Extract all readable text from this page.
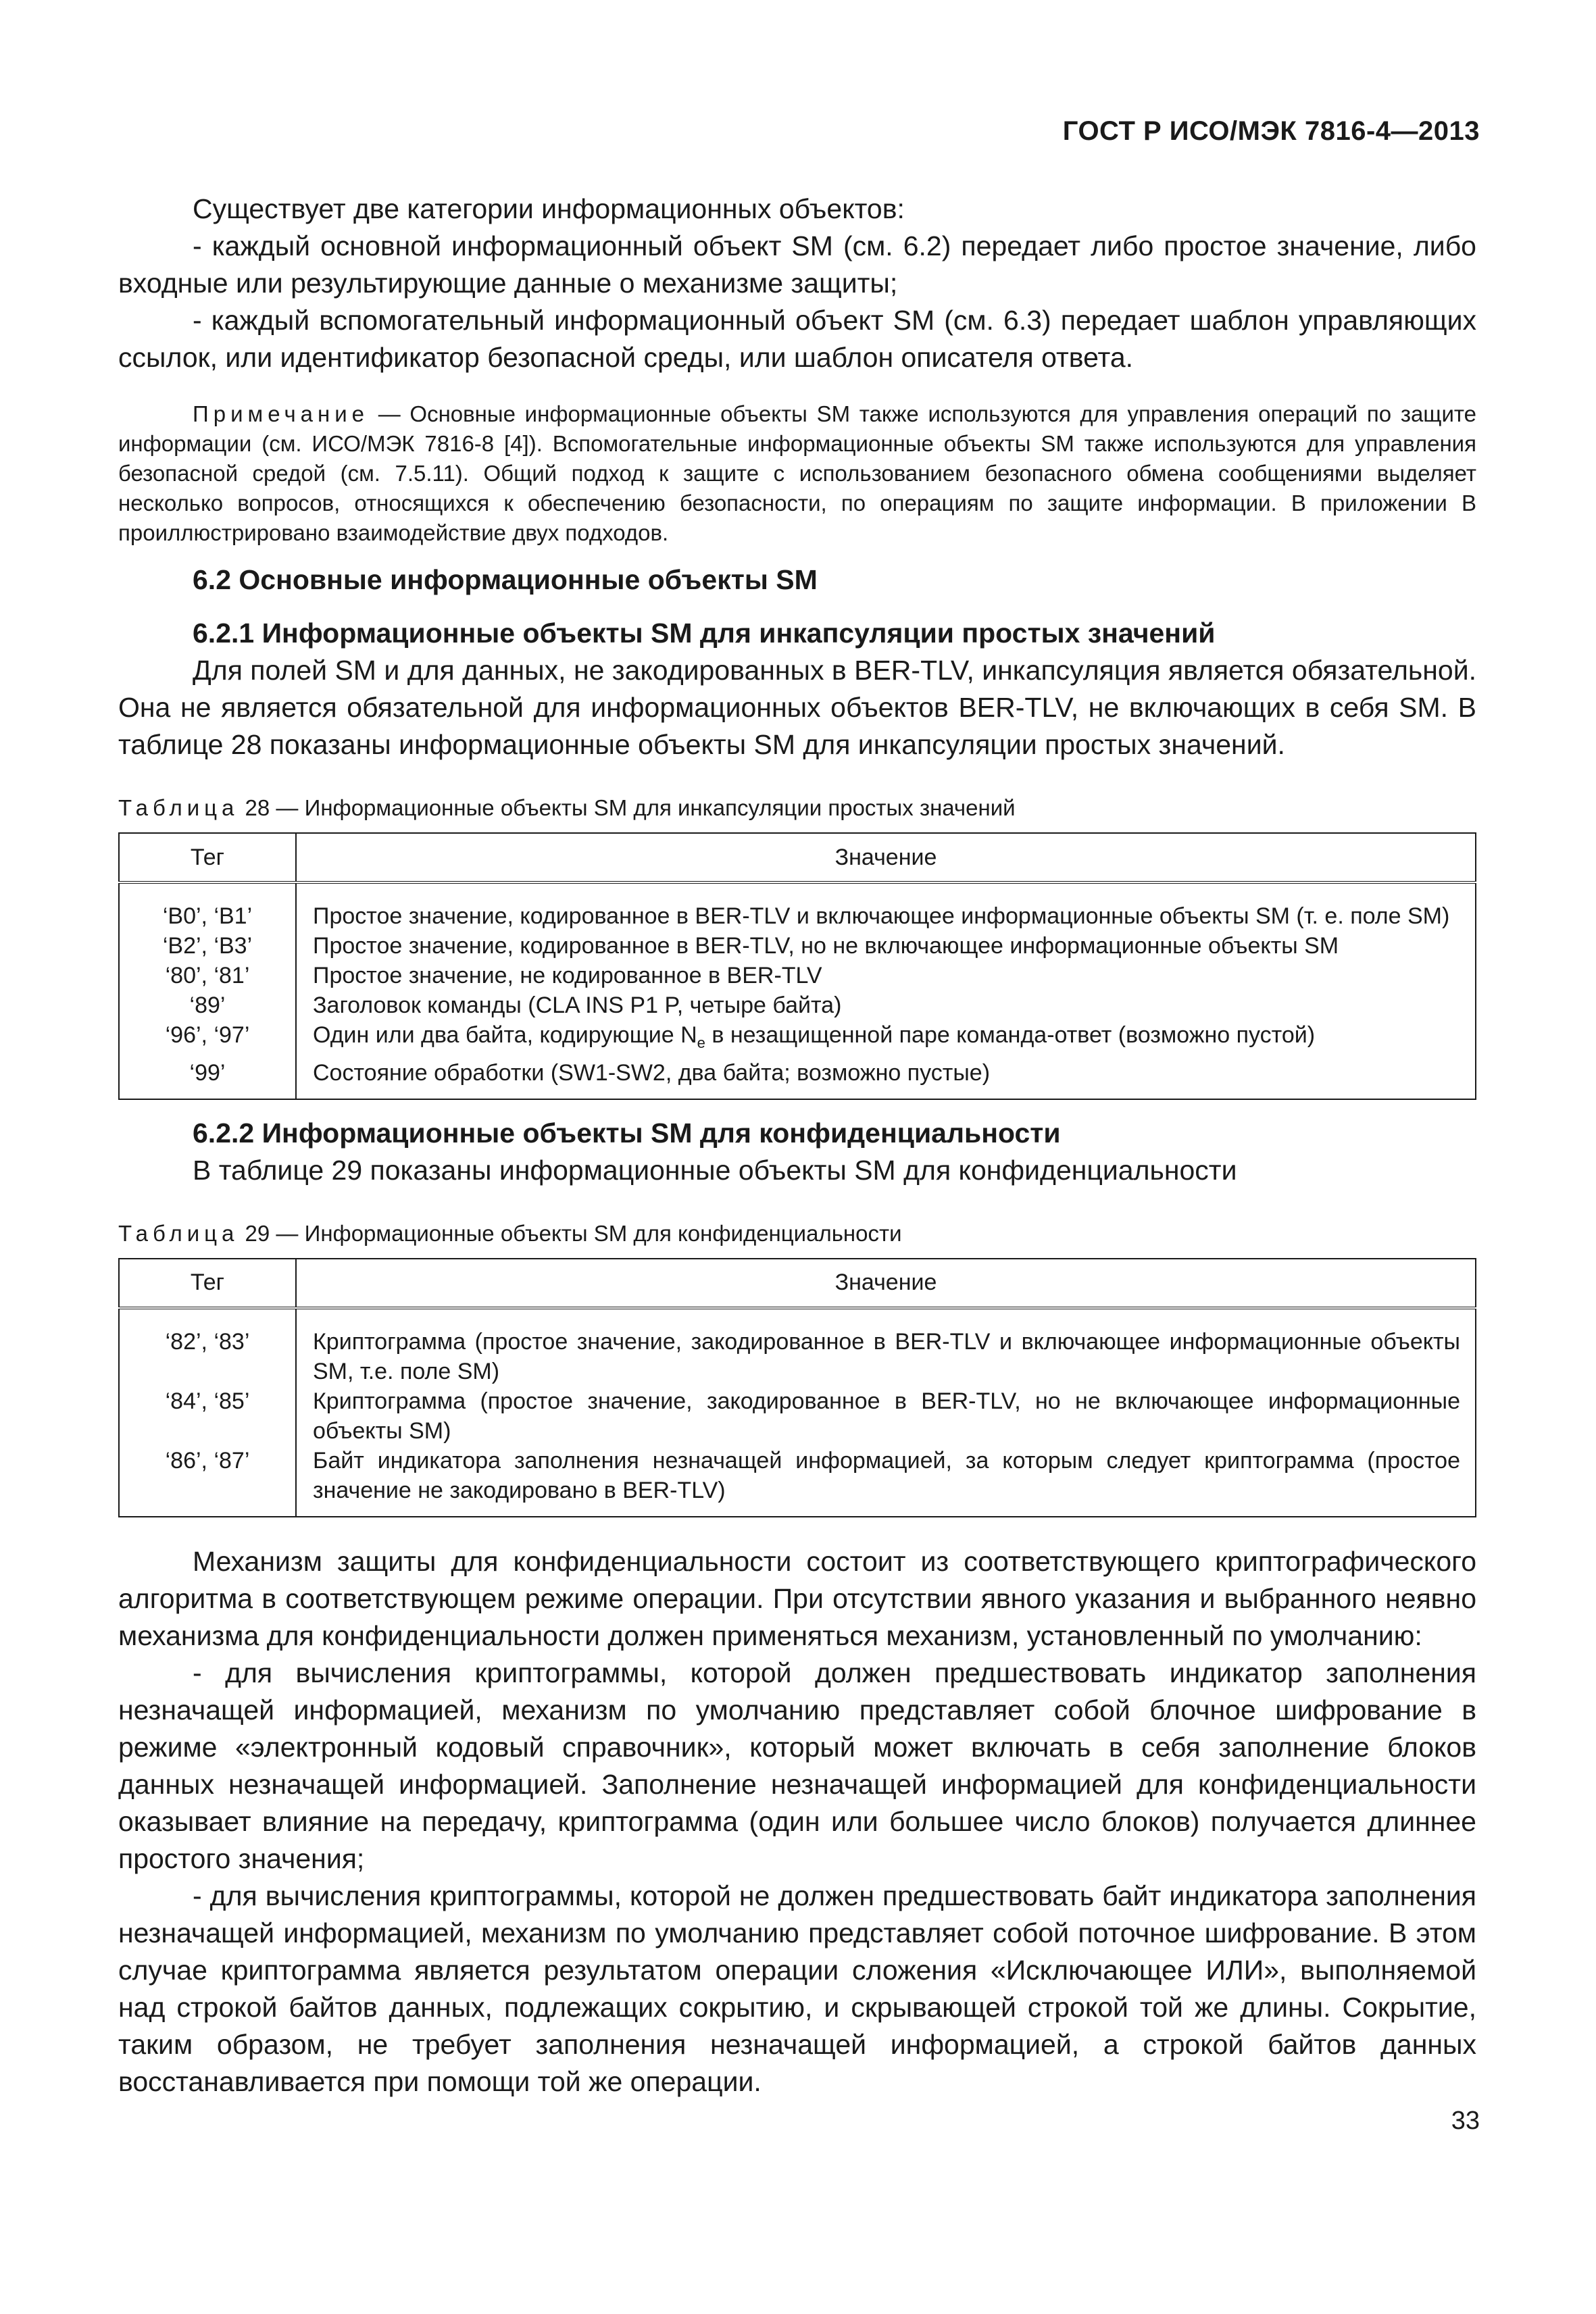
ГОСТ Р ИСО/МЭК 7816-4—2013

Существует две категории информационных объектов:

- каждый основной информационный объект SM (см. 6.2) передает либо простое значение, либо входные или результирующие данные о механизме защиты;

- каждый вспомогательный информационный объект SM (см. 6.3) передает шаблон управляющих ссылок, или идентификатор безопасной среды, или шаблон описателя ответа.

Примечание — Основные информационные объекты SM также используются для управления операций по защите информации (см. ИСО/МЭК 7816-8 [4]). Вспомогательные информационные объекты SM также используются для управления безопасной средой (см. 7.5.11). Общий подход к защите с использованием безопасного обмена сообщениями выделяет несколько вопросов, относящихся к обеспечению безопасности, по операциям по защите информации. В приложении В проиллюстрировано взаимодействие двух подходов.

6.2 Основные информационные объекты SM

6.2.1 Информационные объекты SM для инкапсуляции простых значений

Для полей SM и для данных, не закодированных в BER-TLV, инкапсуляция является обязательной. Она не является обязательной для информационных объектов BER-TLV, не включающих в себя SM. В таблице 28 показаны информационные объекты SM для инкапсуляции простых значений.

Таблица 28 — Информационные объекты SM для инкапсуляции простых значений

Тег	Значение
‘B0’, ‘B1’	Простое значение, кодированное в BER-TLV и включающее информационные объекты SM (т. е. поле SM)
‘B2’, ‘B3’	Простое значение, кодированное в BER-TLV, но не включающее информационные объекты SM
‘80’, ‘81’	Простое значение, не кодированное в BER-TLV
‘89’	Заголовок команды (CLA INS P1 P, четыре байта)
‘96’, ‘97’	Один или два байта, кодирующие $N_e$ в незащищенной паре команда-ответ (возможно пустой)
‘99’	Состояние обработки (SW1-SW2, два байта; возможно пустые)

6.2.2 Информационные объекты SM для конфиденциальности

В таблице 29 показаны информационные объекты SM для конфиденциальности

Таблица 29 — Информационные объекты SM для конфиденциальности

Тег	Значение
‘82’, ‘83’	Криптограмма (простое значение, закодированное в BER-TLV и включающее информационные объекты SM, т.е. поле SM)
‘84’, ‘85’	Криптограмма (простое значение, закодированное в BER-TLV, но не включающее информационные объекты SM)
‘86’, ‘87’	Байт индикатора заполнения незначащей информацией, за которым следует криптограмма (простое значение не закодировано в BER-TLV)

Механизм защиты для конфиденциальности состоит из соответствующего криптографического алгоритма в соответствующем режиме операции. При отсутствии явного указания и выбранного неявно механизма для конфиденциальности должен применяться механизм, установленный по умолчанию:

- для вычисления криптограммы, которой должен предшествовать индикатор заполнения незначащей информацией, механизм по умолчанию представляет собой блочное шифрование в режиме «электронный кодовый справочник», который может включать в себя заполнение блоков данных незначащей информацией. Заполнение незначащей информацией для конфиденциальности оказывает влияние на передачу, криптограмма (один или большее число блоков) получается длиннее простого значения;

- для вычисления криптограммы, которой не должен предшествовать байт индикатора заполнения незначащей информацией, механизм по умолчанию представляет собой поточное шифрование. В этом случае криптограмма является результатом операции сложения «Исключающее ИЛИ», выполняемой над строкой байтов данных, подлежащих сокрытию, и скрывающей строкой той же длины. Сокрытие, таким образом, не требует заполнения незначащей информацией, а строкой байтов данных восстанавливается при помощи той же операции.

33
